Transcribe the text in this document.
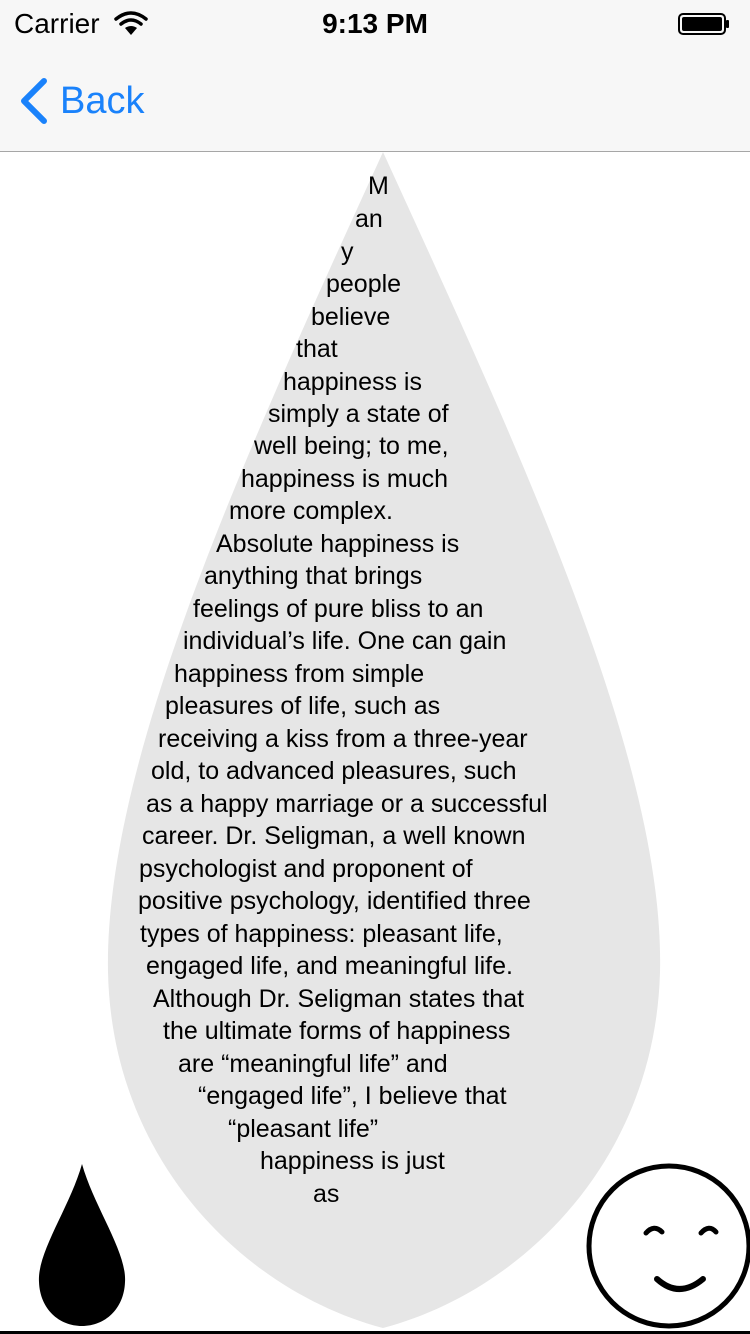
Carrier	9:13 PM
Back
M
an
y
people
believe
that
happiness is
simply a state of
well being; to me,
happiness is much
more complex.
Absolute happiness is
anything that brings
feelings of pure bliss to an
individual’s life. One can gain
happiness from simple
pleasures of life, such as
receiving a kiss from a three-year
old, to advanced pleasures, such
as a happy marriage or a successful
career. Dr. Seligman, a well known
psychologist and proponent of
positive psychology, identified three
types of happiness: pleasant life,
engaged life, and meaningful life.
Although Dr. Seligman states that
the ultimate forms of happiness
are “meaningful life” and
“engaged life”, I believe that
“pleasant life”
happiness is just
as
